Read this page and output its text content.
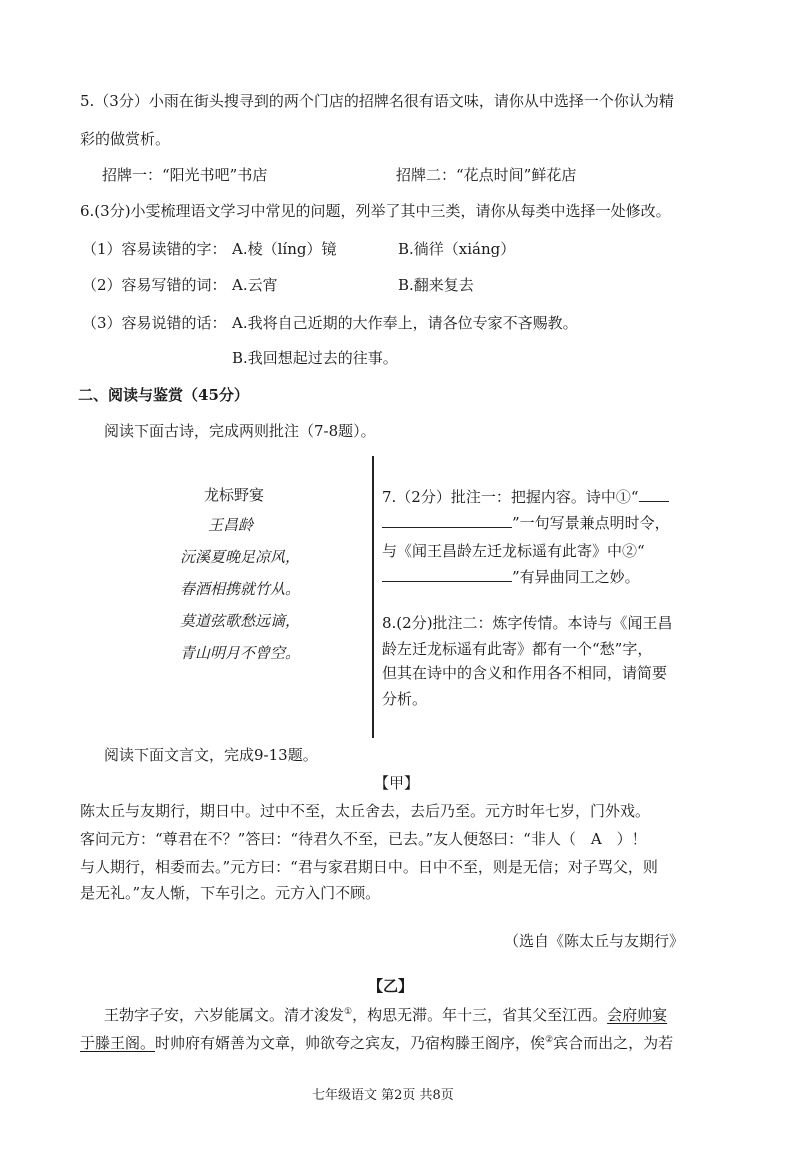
5.（3分）小雨在街头搜寻到的两个门店的招牌名很有语文味，请你从中选择一个你认为精
彩的做赏析。
招牌一：“阳光书吧”书店	招牌二：“花点时间”鲜花店
6.(3分)小雯梳理语文学习中常见的问题，列举了其中三类，请你从每类中选择一处修改。
（1）容易读错的字： A.棱（líng）镜	B.徜徉（xiáng）
（2）容易写错的词： A.云宵	B.翻来复去
（3）容易说错的话： A.我将自己近期的大作奉上，请各位专家不吝赐教。
B.我回想起过去的往事。
二、阅读与鉴赏（45分）
阅读下面古诗，完成两则批注（7-8题）。
龙标野宴
王昌龄
沅溪夏晚足凉风，
春酒相携就竹从。
莫道弦歌愁远谪，
青山明月不曾空。
7.（2分）批注一：把握内容。诗中①“
”一句写景兼点明时令，
与《闻王昌龄左迁龙标遥有此寄》中②“
”有异曲同工之妙。
8.(2分)批注二：炼字传情。本诗与《闻王昌
龄左迁龙标遥有此寄》都有一个“愁”字，
但其在诗中的含义和作用各不相同，请简要
分析。
阅读下面文言文，完成9-13题。
【甲】
陈太丘与友期行，期日中。过中不至，太丘舍去，去后乃至。元方时年七岁，门外戏。
客问元方：“尊君在不？”答曰：“待君久不至，已去。”友人便怒曰：“非人（　A　）！
与人期行，相委而去。”元方曰：“君与家君期日中。日中不至，则是无信；对子骂父，则
是无礼。”友人惭，下车引之。元方入门不顾。
（选自《陈太丘与友期行》
【乙】
王勃字子安，六岁能属文。清才浚发①，构思无滞。年十三，省其父至江西。会府帅宴
于滕王阁。时帅府有婿善为文章，帅欲夸之宾友，乃宿构滕王阁序，俟②宾合而出之，为若
七年级语文 第2页 共8页
